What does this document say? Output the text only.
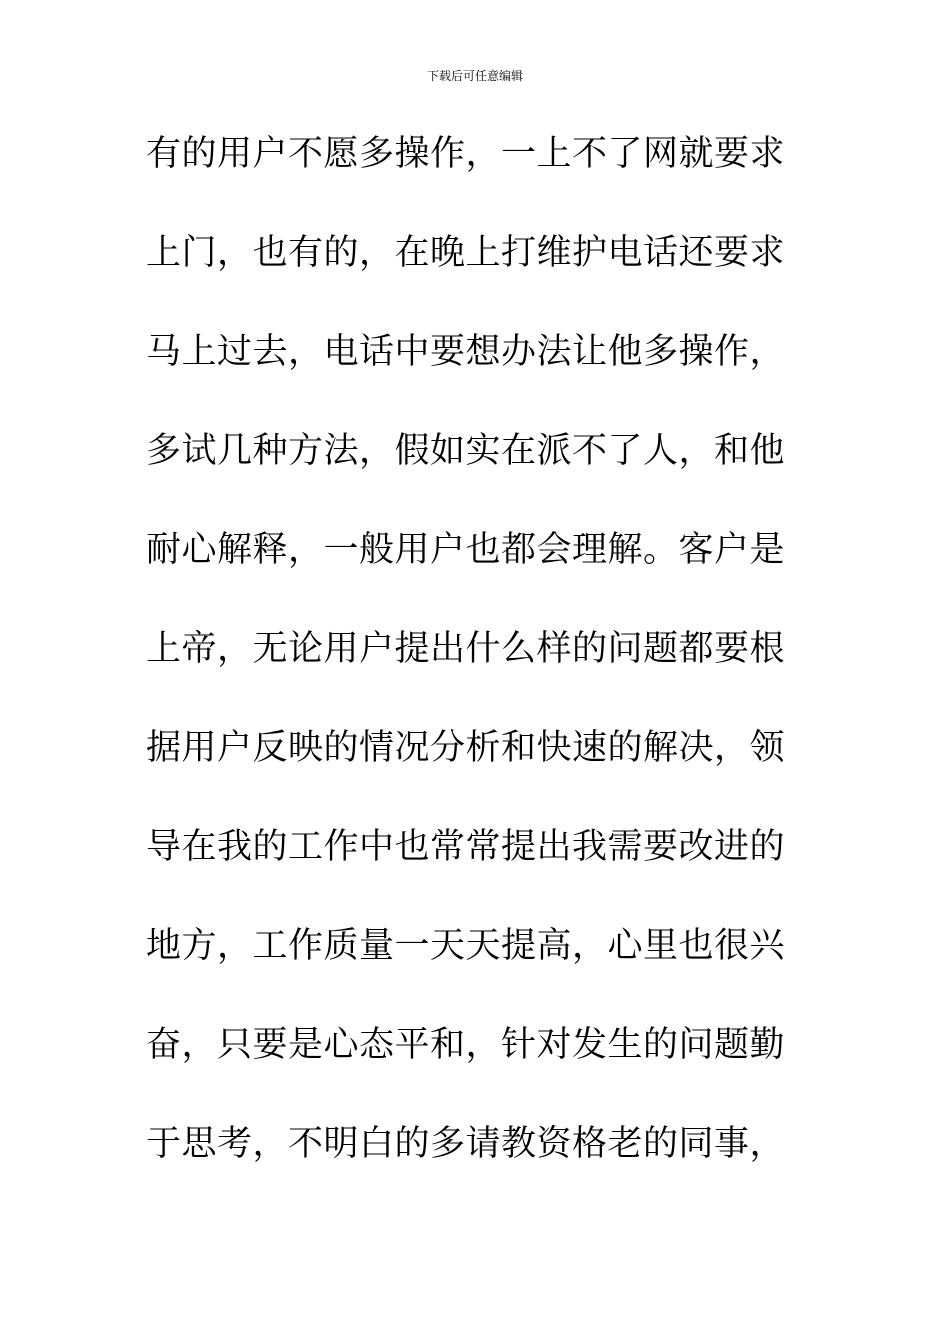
下载后可任意编辑
有的用户不愿多操作，一上不了网就要求
上门，也有的，在晚上打维护电话还要求
马上过去，电话中要想办法让他多操作，
多试几种方法，假如实在派不了人，和他
耐心解释，一般用户也都会理解。客户是
上帝，无论用户提出什么样的问题都要根
据用户反映的情况分析和快速的解决，领
导在我的工作中也常常提出我需要改进的
地方，工作质量一天天提高，心里也很兴
奋，只要是心态平和，针对发生的问题勤
于思考，不明白的多请教资格老的同事，
